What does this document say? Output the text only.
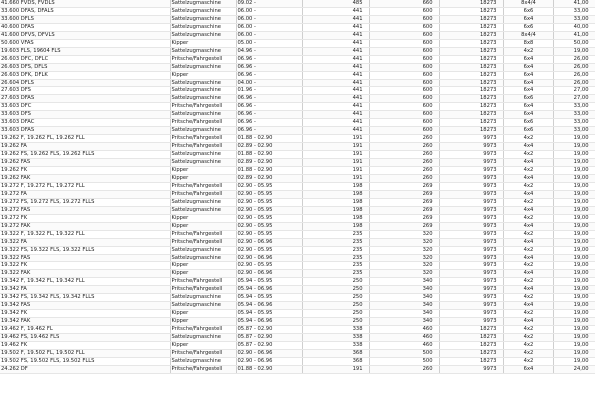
41.660 FVDS, FVDLS	Sattelzugmaschine	09.02 -	485	660	18273	8x4/4	41,00
33.600 DFAS, DFALS	Sattelzugmaschine	06.00 -	441	600	18273	6x6	33,00
33.600 DFLS	Sattelzugmaschine	06.00 -	441	600	18273	6x4	33,00
40.600 DFAS	Sattelzugmaschine	06.00 -	441	600	18273	6x6	40,00
41.600 DFVS, DFVLS	Sattelzugmaschine	06.00 -	441	600	18273	8x4/4	41,00
50.600 VFAS	Kipper	05.00 -	441	600	18273	8x8	50,00
19.603 FLS, 19604 FLS	Sattelzugmaschine	04.96 -	441	600	18273	4x2	19,00
26.603 DFC, DFLC	Pritsche/Fahrgestell	06.96 -	441	600	18273	6x4	26,00
26.603 DFS, DFLS	Sattelzugmaschine	06.96 -	441	600	18273	6x4	26,00
26.603 DFK, DFLK	Kipper	06.96 -	441	600	18273	6x4	26,00
26.604 DFLS	Sattelzugmaschine	04.00 -	441	600	18273	6x4	26,00
27.603 DFS	Sattelzugmaschine	01.96 -	441	600	18273	6x4	27,00
27.603 DFAS	Sattelzugmaschine	06.96 -	441	600	18273	6x6	27,00
33.603 DFC	Pritsche/Fahrgestell	06.96 -	441	600	18273	6x4	33,00
33.603 DFS	Sattelzugmaschine	06.96 -	441	600	18273	6x4	33,00
33.603 DFAC	Pritsche/Fahrgestell	06.96 -	441	600	18273	6x6	33,00
33.603 DFAS	Sattelzugmaschine	06.96 -	441	600	18273	6x6	33,00
19.262 F, 19.262 FL, 19.262 FLL	Pritsche/Fahrgestell	01.88 - 02.90	191	260	9973	4x2	19,00
19.262 FA	Pritsche/Fahrgestell	02.89 - 02.90	191	260	9973	4x4	19,00
19.262 FS, 19.262 FLS, 19.262 FLLS	Sattelzugmaschine	01.88 - 02.90	191	260	9973	4x2	19,00
19.262 FAS	Sattelzugmaschine	02.89 - 02.90	191	260	9973	4x4	19,00
19.262 FK	Kipper	01.88 - 02.90	191	260	9973	4x2	19,00
19.262 FAK	Kipper	02.89 - 02.90	191	260	9973	4x4	19,00
19.272 F, 19.272 FL, 19.272 FLL	Pritsche/Fahrgestell	02.90 - 05.95	198	269	9973	4x2	19,00
19.272 FA	Pritsche/Fahrgestell	02.90 - 05.95	198	269	9973	4x4	19,00
19.272 FS, 19.272 FLS, 19.272 FLLS	Sattelzugmaschine	02.90 - 05.95	198	269	9973	4x2	19,00
19.272 FAS	Sattelzugmaschine	02.90 - 05.95	198	269	9973	4x4	19,00
19.272 FK	Kipper	02.90 - 05.95	198	269	9973	4x2	19,00
19.272 FAK	Kipper	02.90 - 05.95	198	269	9973	4x4	19,00
19.322 F, 19.322 FL, 19.322 FLL	Pritsche/Fahrgestell	02.90 - 05.95	235	320	9973	4x2	19,00
19.322 FA	Pritsche/Fahrgestell	02.90 - 06.96	235	320	9973	4x4	19,00
19.322 FS, 19.322 FLS, 19.322 FLLS	Sattelzugmaschine	02.90 - 05.95	235	320	9973	4x2	19,00
19.322 FAS	Sattelzugmaschine	02.90 - 06.96	235	320	9973	4x4	19,00
19.322 FK	Kipper	02.90 - 05.95	235	320	9973	4x2	19,00
19.322 FAK	Kipper	02.90 - 06.96	235	320	9973	4x4	19,00
19.342 F, 19.342 FL, 19.342 FLL	Pritsche/Fahrgestell	05.94 - 05.95	250	340	9973	4x2	19,00
19.342 FA	Pritsche/Fahrgestell	05.94 - 06.96	250	340	9973	4x4	19,00
19.342 FS, 19.342 FLS, 19.342 FLLS	Sattelzugmaschine	05.94 - 05.95	250	340	9973	4x2	19,00
19.342 FAS	Sattelzugmaschine	05.94 - 06.96	250	340	9973	4x4	19,00
19.342 FK	Kipper	05.94 - 05.95	250	340	9973	4x2	19,00
19.342 FAK	Kipper	05.94 - 06.96	250	340	9973	4x4	19,00
19.462 F, 19.462 FL	Pritsche/Fahrgestell	05.87 - 02.90	338	460	18273	4x2	19,00
19.462 FS, 19.462 FLS	Sattelzugmaschine	05.87 - 02.90	338	460	18273	4x2	19,00
19.462 FK	Kipper	05.87 - 02.90	338	460	18273	4x2	19,00
19.502 F, 19.502 FL, 19.502 FLL	Pritsche/Fahrgestell	02.90 - 06.96	368	500	18273	4x2	19,00
19.502 FS, 19.502 FLS, 19.502 FLLS	Sattelzugmaschine	02.90 - 06.96	368	500	18273	4x2	19,00
24.262 DF	Pritsche/Fahrgestell	01.88 - 02.90	191	260	9973	6x4	24,00
